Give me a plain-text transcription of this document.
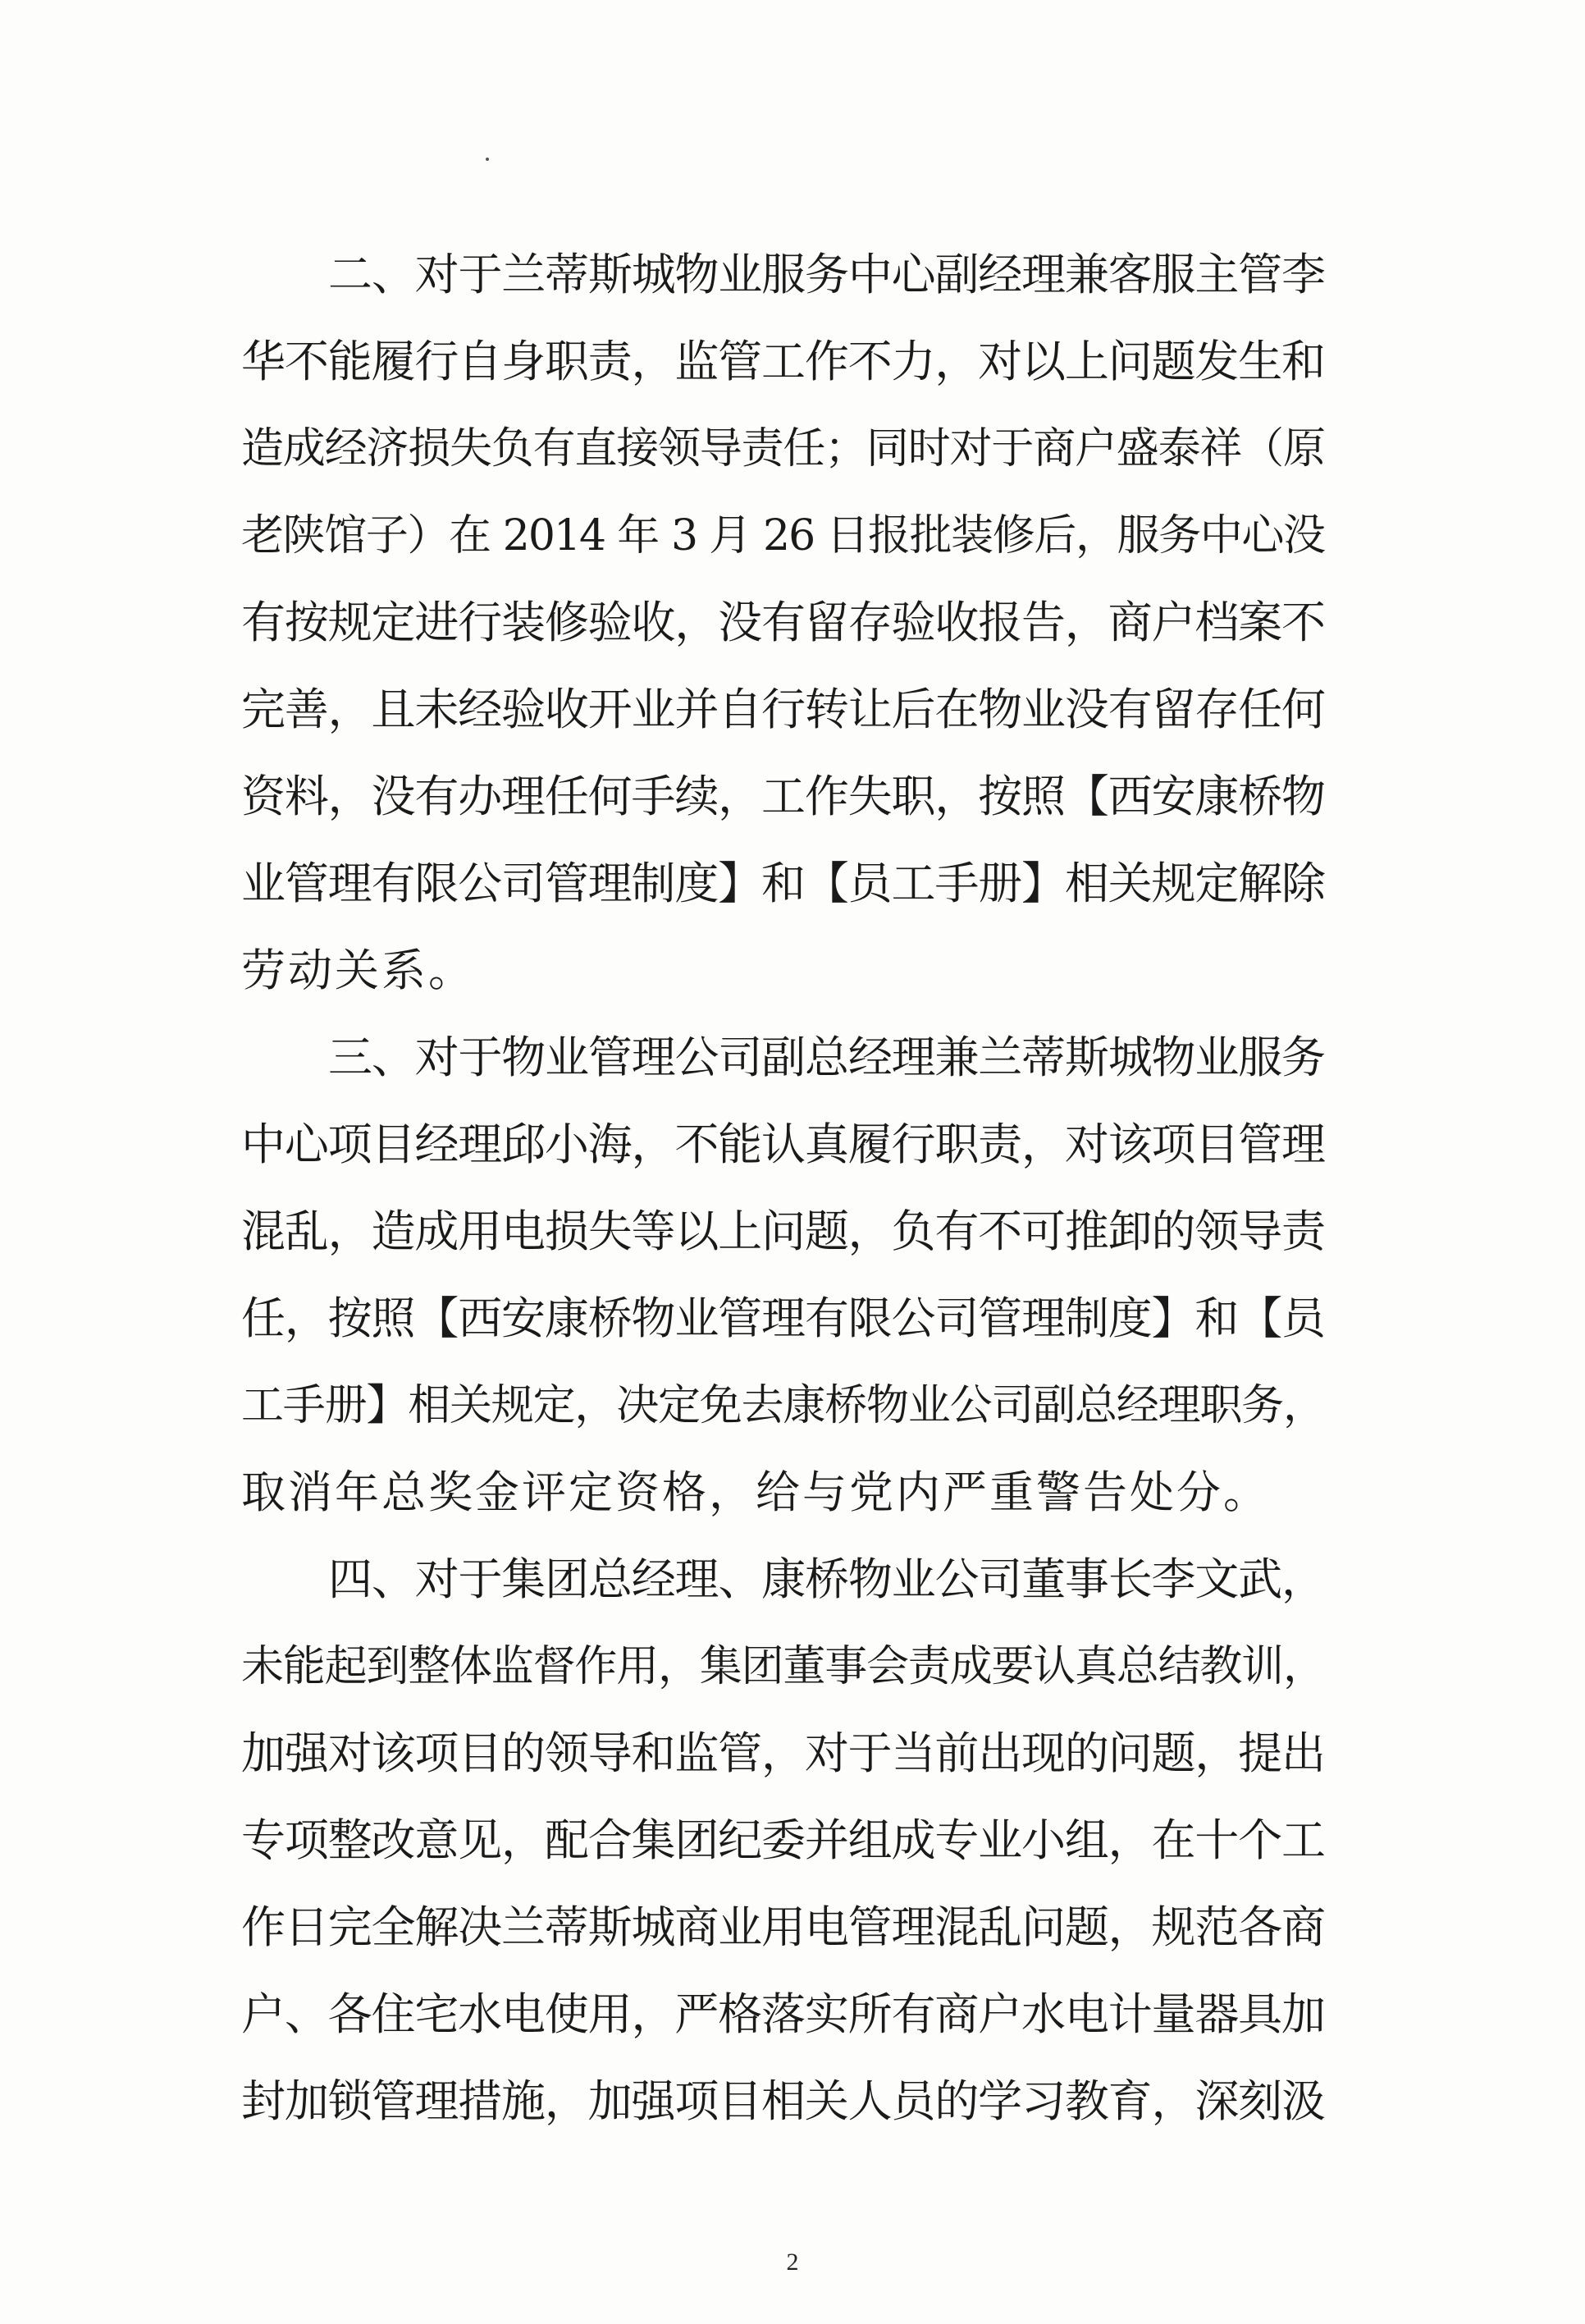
二、对于兰蒂斯城物业服务中心副经理兼客服主管李
华不能履行自身职责，监管工作不力，对以上问题发生和
造成经济损失负有直接领导责任；同时对于商户盛泰祥（原
老陕馆子）在 2014 年 3 月 26 日报批装修后，服务中心没
有按规定进行装修验收，没有留存验收报告，商户档案不
完善，且未经验收开业并自行转让后在物业没有留存任何
资料，没有办理任何手续，工作失职，按照【西安康桥物
业管理有限公司管理制度】和【员工手册】相关规定解除
劳动关系。
三、对于物业管理公司副总经理兼兰蒂斯城物业服务
中心项目经理邱小海，不能认真履行职责，对该项目管理
混乱，造成用电损失等以上问题，负有不可推卸的领导责
任，按照【西安康桥物业管理有限公司管理制度】和【员
工手册】相关规定，决定免去康桥物业公司副总经理职务，
取消年总奖金评定资格，给与党内严重警告处分。
四、对于集团总经理、康桥物业公司董事长李文武，
未能起到整体监督作用，集团董事会责成要认真总结教训，
加强对该项目的领导和监管，对于当前出现的问题，提出
专项整改意见，配合集团纪委并组成专业小组，在十个工
作日完全解决兰蒂斯城商业用电管理混乱问题，规范各商
户、各住宅水电使用，严格落实所有商户水电计量器具加
封加锁管理措施，加强项目相关人员的学习教育，深刻汲
2
